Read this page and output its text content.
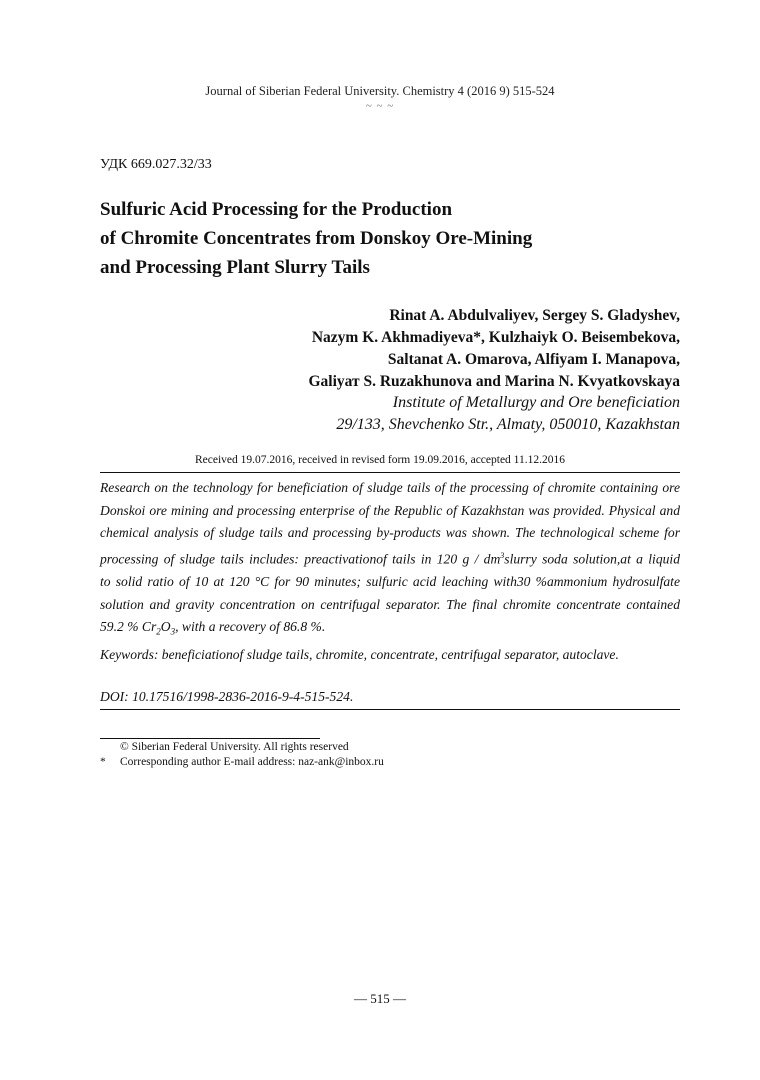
Journal of Siberian Federal University. Chemistry 4 (2016 9) 515-524
~ ~ ~
УДК 669.027.32/33
Sulfuric Acid Processing for the Production
of Chromite Concentrates from Donskoy Ore-Mining
and Processing Plant Slurry Tails
Rinat A. Abdulvaliyev, Sergey S. Gladyshev,
Nazym K. Akhmadiyeva*, Kulzhaiyk O. Beisembekova,
Saltanat A. Omarova, Alfiyam I. Manapova,
Galiyат S. Ruzakhunova and Marina N. Kvyatkovskaya
Institute of Metallurgy and Ore beneficiation
29/133, Shevchenko Str., Almaty, 050010, Kazakhstan
Received 19.07.2016, received in revised form 19.09.2016, accepted 11.12.2016
Research on the technology for beneficiation of sludge tails of the processing of chromite containing ore
Donskoi ore mining and processing enterprise of the Republic of Kazakhstan was provided. Physical and
chemical analysis of sludge tails and processing by-products was shown. The technological scheme for
processing of sludge tails includes: preactivationof tails in 120 g / $dm^3slurry$ soda solution,at a liquid
to solid ratio of 10 at 120 °C for 90 minutes; sulfuric acid leaching with30 %ammonium hydrosulfate
solution and gravity concentration on centrifugal separator. The final chromite concentrate contained
59.2 % $Cr_2O_3$, with a recovery of 86.8 %.
Keywords: beneficiationof sludge tails, chromite, concentrate, centrifugal separator, autoclave.
DOI: 10.17516/1998-2836-2016-9-4-515-524.
© Siberian Federal University. All rights reserved
* Corresponding author E-mail address: naz-ank@inbox.ru
— 515 —
